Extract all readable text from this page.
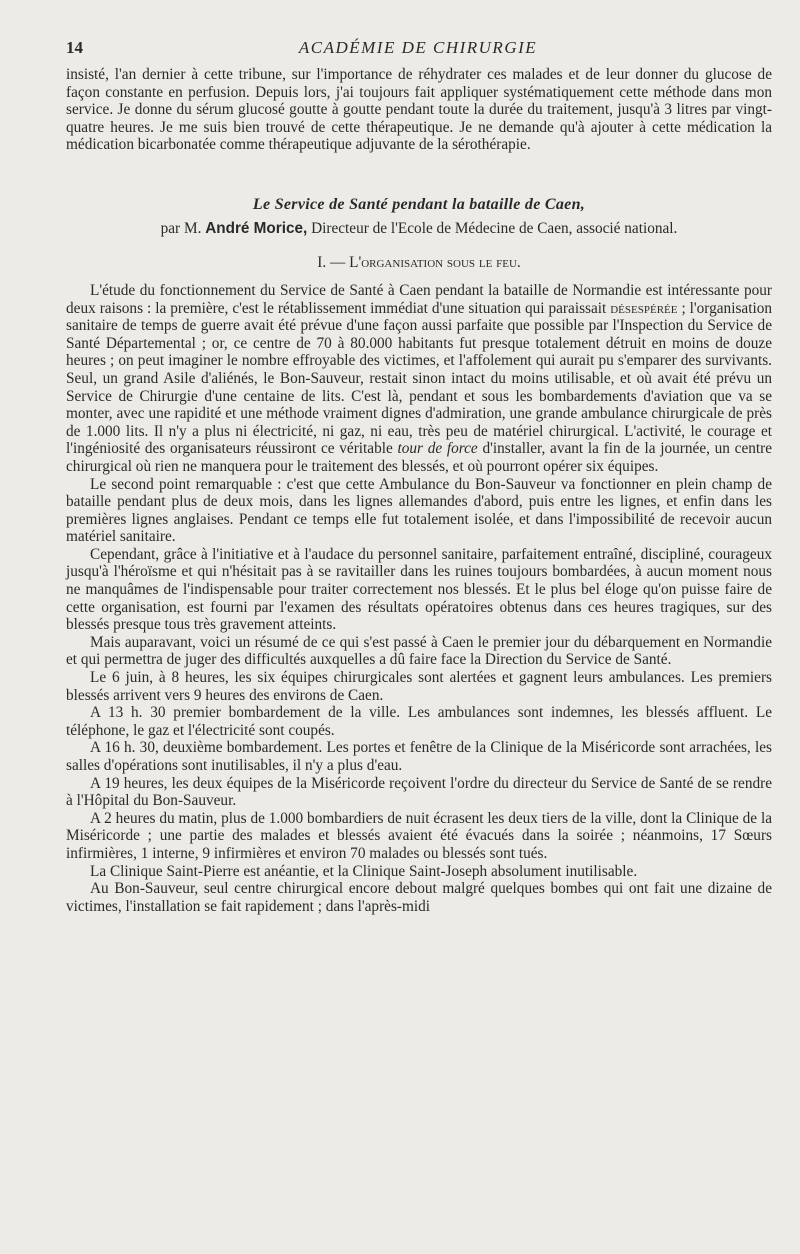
14	ACADÉMIE DE CHIRURGIE

insisté, l'an dernier à cette tribune, sur l'importance de réhydrater ces malades et de leur donner du glucose de façon constante en perfusion. Depuis lors, j'ai toujours fait appliquer systématiquement cette méthode dans mon service. Je donne du sérum glucosé goutte à goutte pendant toute la durée du traitement, jusqu'à 3 litres par vingt-quatre heures. Je me suis bien trouvé de cette thérapeutique. Je ne demande qu'à ajouter à cette médication la médication bicarbonatée comme thérapeutique adjuvante de la sérothérapie.

Le Service de Santé pendant la bataille de Caen,
par M. André Morice, Directeur de l'Ecole de Médecine de Caen, associé national.
I. — L'organisation sous le feu.

L'étude du fonctionnement du Service de Santé à Caen pendant la bataille de Normandie est intéressante pour deux raisons : la première, c'est le rétablissement immédiat d'une situation qui paraissait désespérée ; l'organisation sanitaire de temps de guerre avait été prévue d'une façon aussi parfaite que possible par l'Inspection du Service de Santé Départemental ; or, ce centre de 70 à 80.000 habitants fut presque totalement détruit en moins de douze heures ; on peut imaginer le nombre effroyable des victimes, et l'affolement qui aurait pu s'emparer des survivants. Seul, un grand Asile d'aliénés, le Bon-Sauveur, restait sinon intact du moins utilisable, et où avait été prévu un Service de Chirurgie d'une centaine de lits. C'est là, pendant et sous les bombardements d'aviation que va se monter, avec une rapidité et une méthode vraiment dignes d'admiration, une grande ambulance chirurgicale de près de 1.000 lits. Il n'y a plus ni électricité, ni gaz, ni eau, très peu de matériel chirurgical. L'activité, le courage et l'ingéniosité des organisateurs réussiront ce véritable tour de force d'installer, avant la fin de la journée, un centre chirurgical où rien ne manquera pour le traitement des blessés, et où pourront opérer six équipes.

Le second point remarquable : c'est que cette Ambulance du Bon-Sauveur va fonctionner en plein champ de bataille pendant plus de deux mois, dans les lignes allemandes d'abord, puis entre les lignes, et enfin dans les premières lignes anglaises. Pendant ce temps elle fut totalement isolée, et dans l'impossibilité de recevoir aucun matériel sanitaire.

Cependant, grâce à l'initiative et à l'audace du personnel sanitaire, parfaitement entraîné, discipliné, courageux jusqu'à l'héroïsme et qui n'hésitait pas à se ravitailler dans les ruines toujours bombardées, à aucun moment nous ne manquâmes de l'indispensable pour traiter correctement nos blessés. Et le plus bel éloge qu'on puisse faire de cette organisation, est fourni par l'examen des résultats opératoires obtenus dans ces heures tragiques, sur des blessés presque tous très gravement atteints.

Mais auparavant, voici un résumé de ce qui s'est passé à Caen le premier jour du débarquement en Normandie et qui permettra de juger des difficultés auxquelles a dû faire face la Direction du Service de Santé.

Le 6 juin, à 8 heures, les six équipes chirurgicales sont alertées et gagnent leurs ambulances. Les premiers blessés arrivent vers 9 heures des environs de Caen.

A 13 h. 30 premier bombardement de la ville. Les ambulances sont indemnes, les blessés affluent. Le téléphone, le gaz et l'électricité sont coupés.

A 16 h. 30, deuxième bombardement. Les portes et fenêtre de la Clinique de la Miséricorde sont arrachées, les salles d'opérations sont inutilisables, il n'y a plus d'eau.

A 19 heures, les deux équipes de la Miséricorde reçoivent l'ordre du directeur du Service de Santé de se rendre à l'Hôpital du Bon-Sauveur.

A 2 heures du matin, plus de 1.000 bombardiers de nuit écrasent les deux tiers de la ville, dont la Clinique de la Miséricorde ; une partie des malades et blessés avaient été évacués dans la soirée ; néanmoins, 17 Sœurs infirmières, 1 interne, 9 infirmières et environ 70 malades ou blessés sont tués.

La Clinique Saint-Pierre est anéantie, et la Clinique Saint-Joseph absolument inutilisable.

Au Bon-Sauveur, seul centre chirurgical encore debout malgré quelques bombes qui ont fait une dizaine de victimes, l'installation se fait rapidement ; dans l'après-midi
